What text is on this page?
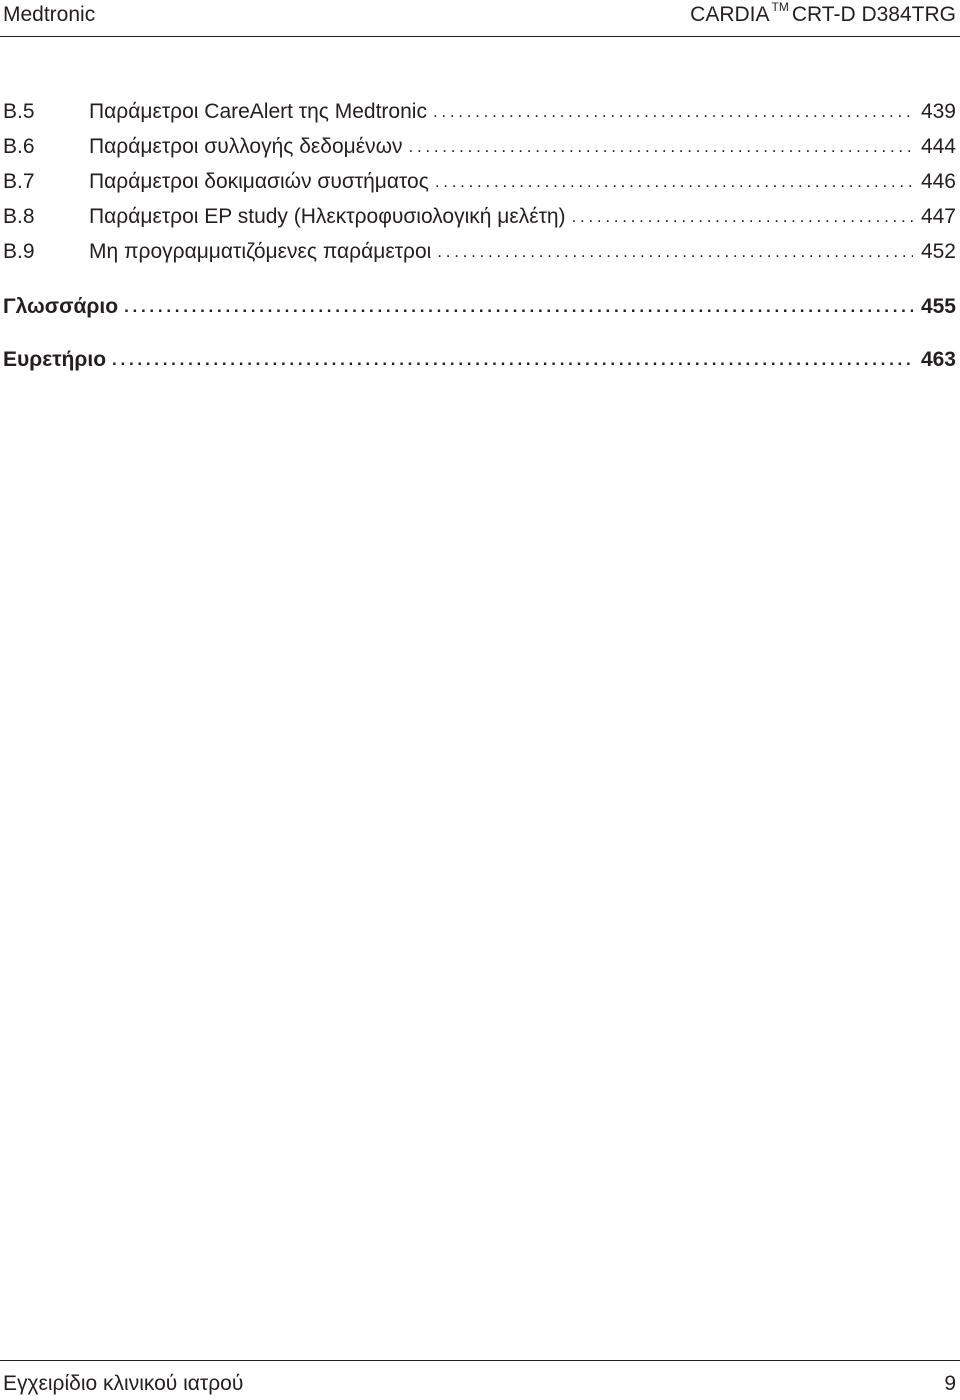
Medtronic	CARDIA ™ CRT-D D384TRG
B.5	Παράμετροι CareAlert της Medtronic . . .	439
B.6	Παράμετροι συλλογής δεδομένων . . .	444
B.7	Παράμετροι δοκιμασιών συστήματος . . .	446
B.8	Παράμετροι EP study (Ηλεκτροφυσιολογική μελέτη) . . .	447
B.9	Μη προγραμματιζόμενες παράμετροι . . .	452
Γλωσσάριο . . .	455
Ευρετήριο . . .	463
Εγχειρίδιο κλινικού ιατρού	9
